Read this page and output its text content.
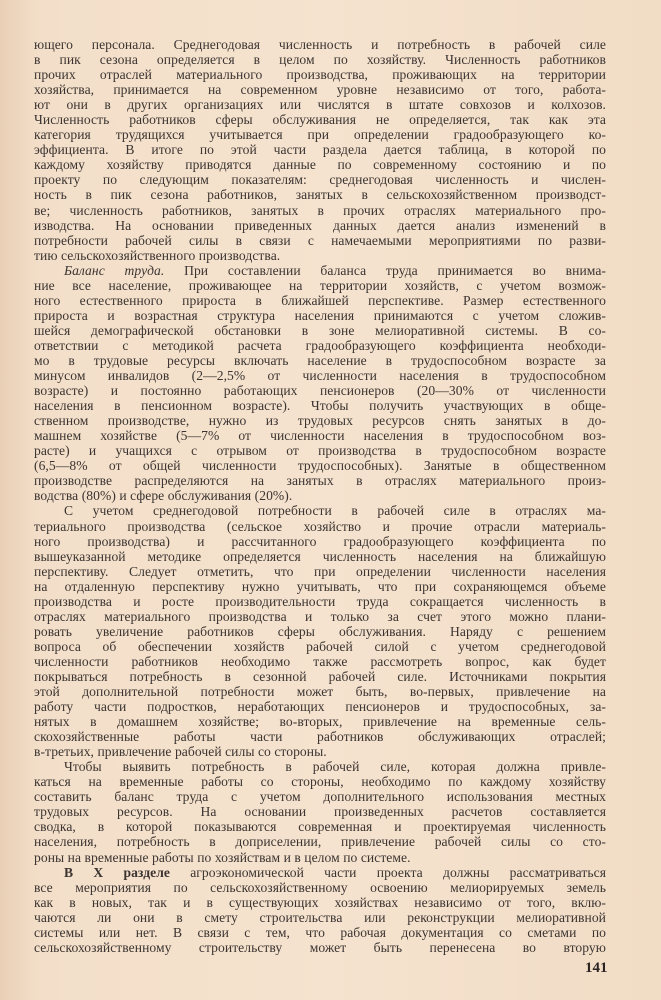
ющего персонала. Среднегодовая численность и потребность в рабочей силе
в пик сезона определяется в целом по хозяйству. Численность работников
прочих отраслей материального производства, проживающих на территории
хозяйства, принимается на современном уровне независимо от того, работа-
ют они в других организациях или числятся в штате совхозов и колхозов.
Численность работников сферы обслуживания не определяется, так как эта
категория трудящихся учитывается при определении градообразующего ко-
эффициента. В итоге по этой части раздела дается таблица, в которой по
каждому хозяйству приводятся данные по современному состоянию и по
проекту по следующим показателям: среднегодовая численность и числен-
ность в пик сезона работников, занятых в сельскохозяйственном производст-
ве; численность работников, занятых в прочих отраслях материального про-
изводства. На основании приведенных данных дается анализ изменений в
потребности рабочей силы в связи с намечаемыми мероприятиями по разви-
тию сельскохозяйственного производства.
Баланс труда. При составлении баланса труда принимается во внима-
ние все население, проживающее на территории хозяйств, с учетом возмож-
ного естественного прироста в ближайшей перспективе. Размер естественного
прироста и возрастная структура населения принимаются с учетом сложив-
шейся демографической обстановки в зоне мелиоративной системы. В со-
ответствии с методикой расчета градообразующего коэффициента необходи-
мо в трудовые ресурсы включать население в трудоспособном возрасте за
минусом инвалидов (2—2,5% от численности населения в трудоспособном
возрасте) и постоянно работающих пенсионеров (20—30% от численности
населения в пенсионном возрасте). Чтобы получить участвующих в обще-
ственном производстве, нужно из трудовых ресурсов снять занятых в до-
машнем хозяйстве (5—7% от численности населения в трудоспособном воз-
расте) и учащихся с отрывом от производства в трудоспособном возрасте
(6,5—8% от общей численности трудоспособных). Занятые в общественном
производстве распределяются на занятых в отраслях материального произ-
водства (80%) и сфере обслуживания (20%).
С учетом среднегодовой потребности в рабочей силе в отраслях ма-
териального производства (сельское хозяйство и прочие отрасли материаль-
ного производства) и рассчитанного градообразующего коэффициента по
вышеуказанной методике определяется численность населения на ближайшую
перспективу. Следует отметить, что при определении численности населения
на отдаленную перспективу нужно учитывать, что при сохраняющемся объеме
производства и росте производительности труда сокращается численность в
отраслях материального производства и только за счет этого можно плани-
ровать увеличение работников сферы обслуживания. Наряду с решением
вопроса об обеспечении хозяйств рабочей силой с учетом среднегодовой
численности работников необходимо также рассмотреть вопрос, как будет
покрываться потребность в сезонной рабочей силе. Источниками покрытия
этой дополнительной потребности может быть, во-первых, привлечение на
работу части подростков, неработающих пенсионеров и трудоспособных, за-
нятых в домашнем хозяйстве; во-вторых, привлечение на временные сель-
скохозяйственные работы части работников обслуживающих отраслей;
в-третьих, привлечение рабочей силы со стороны.
Чтобы выявить потребность в рабочей силе, которая должна привле-
каться на временные работы со стороны, необходимо по каждому хозяйству
составить баланс труда с учетом дополнительного использования местных
трудовых ресурсов. На основании произведенных расчетов составляется
сводка, в которой показываются современная и проектируемая численность
населения, потребность в доприселении, привлечение рабочей силы со сто-
роны на временные работы по хозяйствам и в целом по системе.
В X разделе агроэкономической части проекта должны рассматриваться
все мероприятия по сельскохозяйственному освоению мелиорируемых земель
как в новых, так и в существующих хозяйствах независимо от того, вклю-
чаются ли они в смету строительства или реконструкции мелиоративной
системы или нет. В связи с тем, что рабочая документация со сметами по
сельскохозяйственному строительству может быть перенесена во вторую
141
